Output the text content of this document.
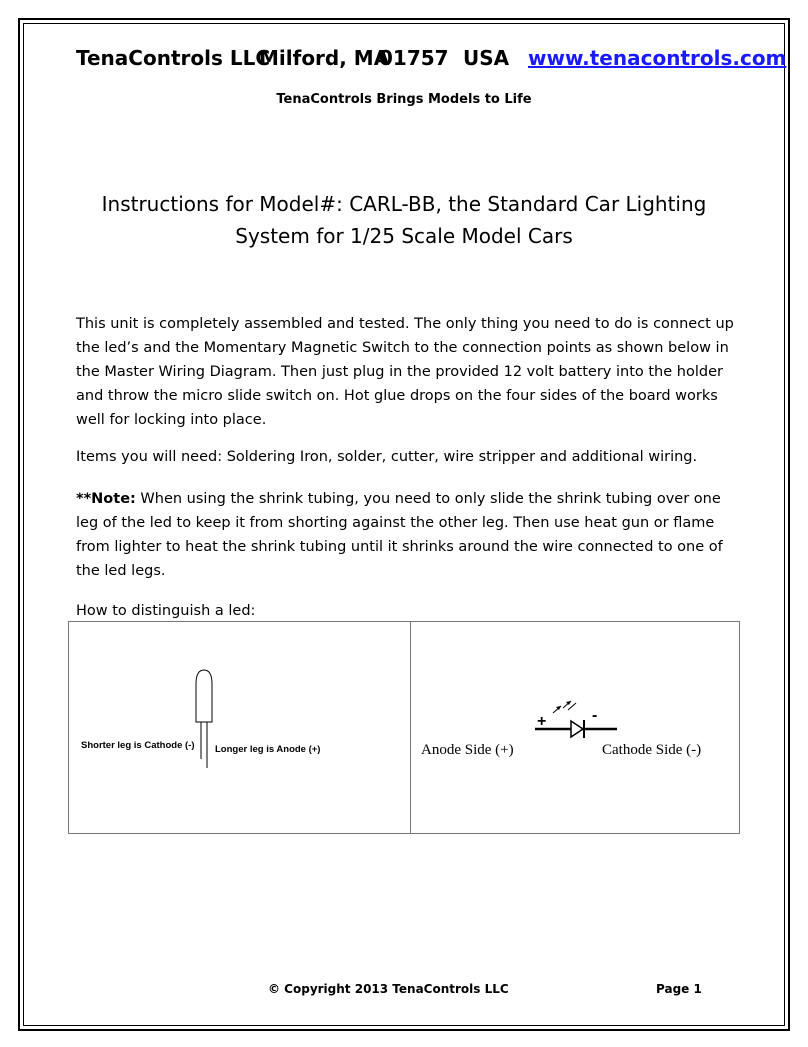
TenaControls LLC
Milford, MA
01757 USA www.tenacontrols.com
TenaControls Brings Models to Life
Instructions for Model#: CARL-BB, the Standard Car Lighting
System for 1/25 Scale Model Cars
This unit is completely assembled and tested. The only thing you need to do is connect up the led’s and the Momentary Magnetic Switch to the connection points as shown below in the Master Wiring Diagram. Then just plug in the provided 12 volt battery into the holder and throw the micro slide switch on. Hot glue drops on the four sides of the board works well for locking into place.
Items you will need: Soldering Iron, solder, cutter, wire stripper and additional wiring.
**Note: When using the shrink tubing, you need to only slide the shrink tubing over one leg of the led to keep it from shorting against the other leg. Then use heat gun or flame from lighter to heat the shrink tubing until it shrinks around the wire connected to one of the led legs.
How to distinguish a led:
+	-
Shorter leg is Cathode (-) Longer leg is Anode (+)	Anode Side (+)	Cathode Side (-)
© Copyright 2013 TenaControls LLC	Page 1
